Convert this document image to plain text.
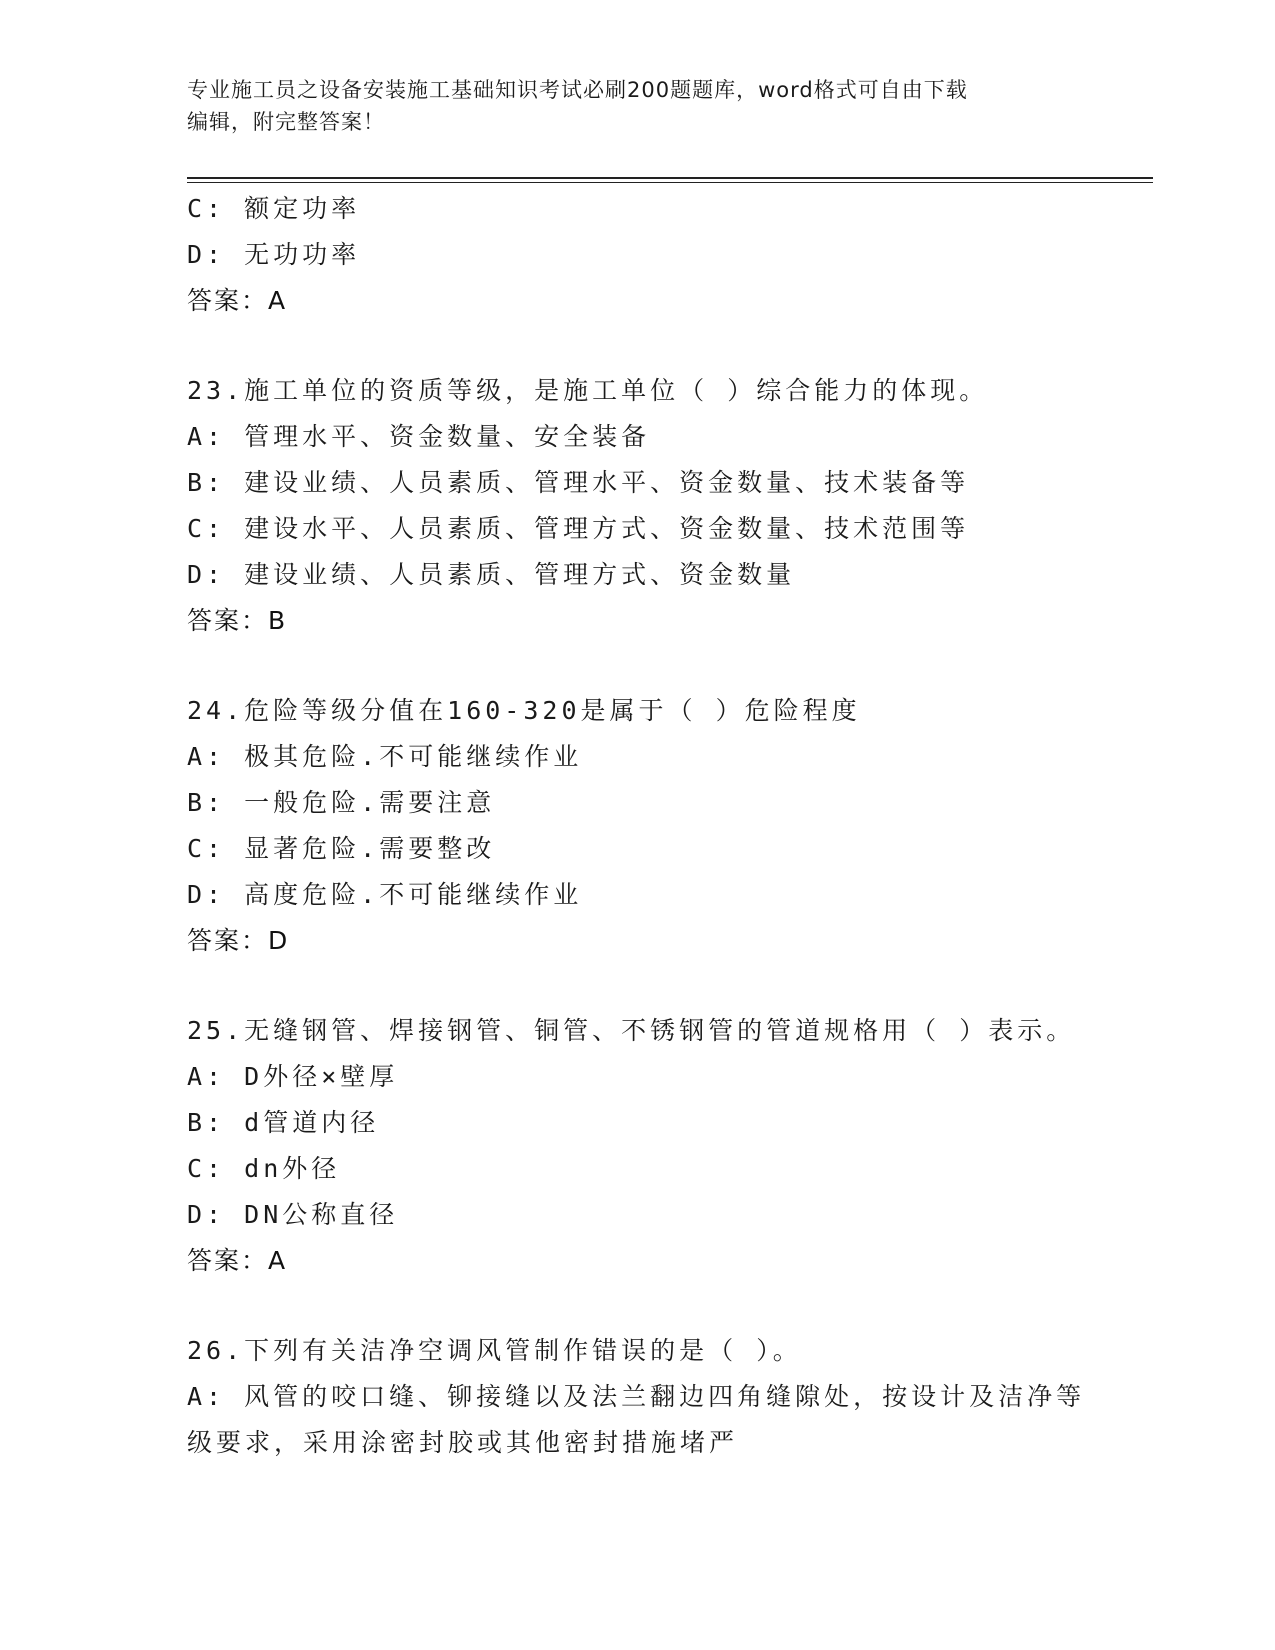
专业施工员之设备安装施工基础知识考试必刷200题题库，word格式可自由下载
编辑，附完整答案！
C: 额定功率
D: 无功功率
答案：A
23.施工单位的资质等级，是施工单位（ ）综合能力的体现。
A: 管理水平、资金数量、安全装备
B: 建设业绩、人员素质、管理水平、资金数量、技术装备等
C: 建设水平、人员素质、管理方式、资金数量、技术范围等
D: 建设业绩、人员素质、管理方式、资金数量
答案：B
24.危险等级分值在160-320是属于（ ）危险程度
A: 极其危险.不可能继续作业
B: 一般危险.需要注意
C: 显著危险.需要整改
D: 高度危险.不可能继续作业
答案：D
25.无缝钢管、焊接钢管、铜管、不锈钢管的管道规格用（ ）表示。
A: D外径×壁厚
B: d管道内径
C: dn外径
D: DN公称直径
答案：A
26.下列有关洁净空调风管制作错误的是（ ）。
A: 风管的咬口缝、铆接缝以及法兰翻边四角缝隙处，按设计及洁净等
级要求，采用涂密封胶或其他密封措施堵严
